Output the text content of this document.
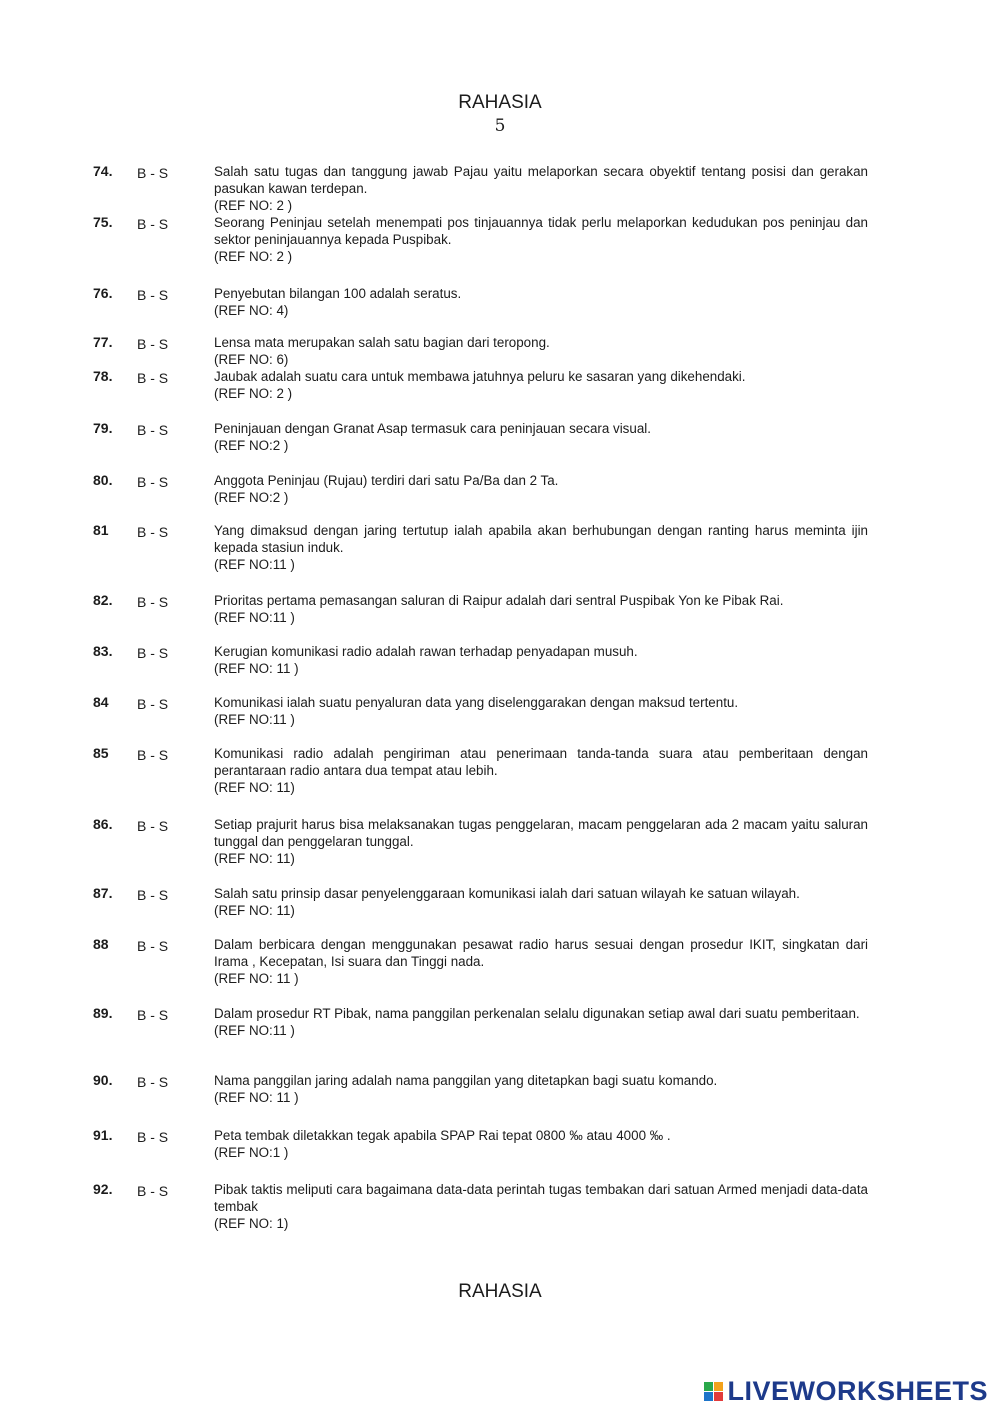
RAHASIA
5
74. B - S	Salah satu tugas dan tanggung jawab Pajau yaitu melaporkan secara obyektif tentang posisi dan gerakan pasukan kawan terdepan.
(REF NO: 2 )
75. B - S	Seorang Peninjau setelah menempati pos tinjauannya tidak perlu melaporkan kedudukan pos peninjau dan sektor peninjauannya kepada Puspibak.
(REF NO: 2 )
76. B - S	Penyebutan bilangan 100 adalah seratus.
(REF NO: 4)
77. B - S	Lensa mata merupakan salah satu bagian dari teropong.
(REF NO: 6)
78. B - S	Jaubak adalah suatu cara untuk membawa jatuhnya peluru ke sasaran yang dikehendaki.
(REF NO: 2 )
79. B - S	Peninjauan dengan Granat Asap termasuk cara peninjauan secara visual.
(REF NO:2 )
80. B - S	Anggota Peninjau (Rujau) terdiri dari satu Pa/Ba dan 2 Ta.
(REF NO:2 )
81 B - S	Yang dimaksud dengan jaring tertutup ialah apabila akan berhubungan dengan ranting harus meminta ijin kepada stasiun induk.
(REF NO:11 )
82. B - S	Prioritas pertama pemasangan saluran di Raipur adalah dari sentral Puspibak Yon ke Pibak Rai.
(REF NO:11 )
83. B - S	Kerugian komunikasi radio adalah rawan terhadap penyadapan musuh.
(REF NO: 11 )
84 B - S	Komunikasi ialah suatu penyaluran data yang diselenggarakan dengan maksud tertentu.
(REF NO:11 )
85 B - S	Komunikasi radio adalah pengiriman atau penerimaan tanda-tanda suara atau pemberitaan dengan perantaraan radio antara dua tempat atau lebih.
(REF NO: 11)
86. B - S	Setiap prajurit harus bisa melaksanakan tugas penggelaran, macam penggelaran ada 2 macam yaitu saluran tunggal dan penggelaran tunggal.
(REF NO: 11)
87. B - S	Salah satu prinsip dasar penyelenggaraan komunikasi ialah dari satuan wilayah ke satuan wilayah.
(REF NO: 11)
88 B - S	Dalam berbicara dengan menggunakan pesawat radio harus sesuai dengan prosedur IKIT, singkatan dari Irama , Kecepatan, Isi suara dan Tinggi nada.
(REF NO: 11 )
89. B - S	Dalam prosedur RT Pibak, nama panggilan perkenalan selalu digunakan setiap awal dari suatu pemberitaan.
(REF NO:11 )
90. B - S	Nama panggilan jaring adalah nama panggilan yang ditetapkan bagi suatu komando.
(REF NO: 11 )
91. B - S	Peta tembak diletakkan tegak apabila SPAP Rai tepat 0800 ‰ atau 4000 ‰ .
(REF NO:1 )
92. B - S	Pibak taktis meliputi cara bagaimana data-data perintah tugas tembakan dari satuan Armed menjadi data-data tembak
(REF NO: 1)
RAHASIA
LIVEWORKSHEETS
